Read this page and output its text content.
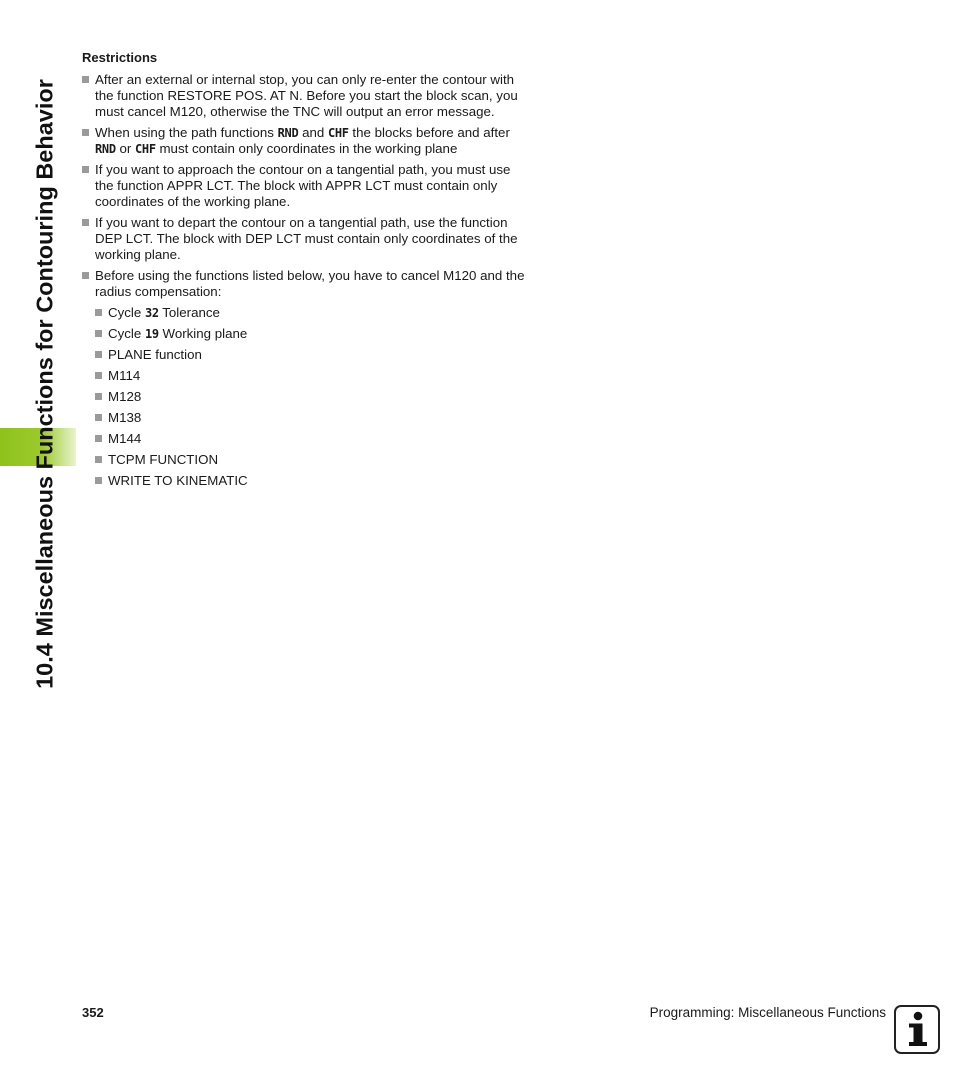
10.4 Miscellaneous Functions for Contouring Behavior
Restrictions
After an external or internal stop, you can only re-enter the contour with the function RESTORE POS. AT N. Before you start the block scan, you must cancel M120, otherwise the TNC will output an error message.
When using the path functions RND and CHF the blocks before and after RND or CHF must contain only coordinates in the working plane
If you want to approach the contour on a tangential path, you must use the function APPR LCT. The block with APPR LCT must contain only coordinates of the working plane.
If you want to depart the contour on a tangential path, use the function DEP LCT. The block with DEP LCT must contain only coordinates of the working plane.
Before using the functions listed below, you have to cancel M120 and the radius compensation:
Cycle 32 Tolerance
Cycle 19 Working plane
PLANE function
M114
M128
M138
M144
TCPM FUNCTION
WRITE TO KINEMATIC
352	Programming: Miscellaneous Functions
